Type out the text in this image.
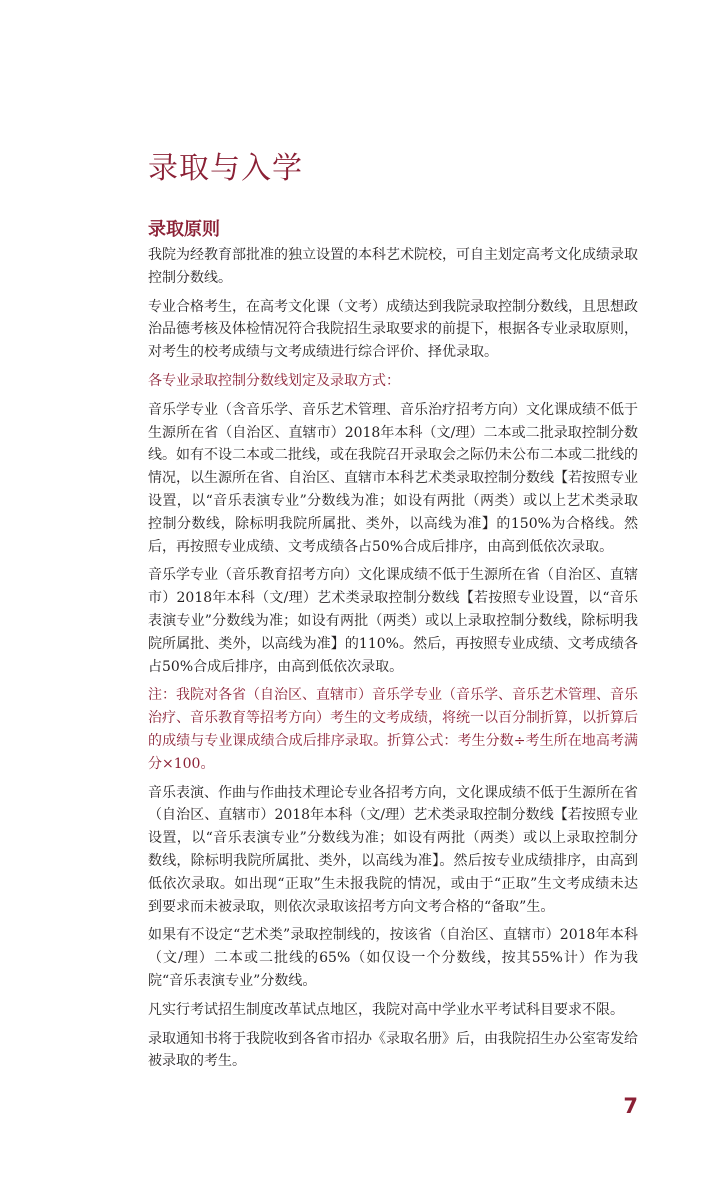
录取与入学
录取原则

我院为经教育部批准的独立设置的本科艺术院校，可自主划定高考文化成绩录取控制分数线。

专业合格考生，在高考文化课（文考）成绩达到我院录取控制分数线，且思想政治品德考核及体检情况符合我院招生录取要求的前提下，根据各专业录取原则，对考生的校考成绩与文考成绩进行综合评价、择优录取。

各专业录取控制分数线划定及录取方式：

音乐学专业（含音乐学、音乐艺术管理、音乐治疗招考方向）文化课成绩不低于生源所在省（自治区、直辖市）2018年本科（文/理）二本或二批录取控制分数线。如有不设二本或二批线，或在我院召开录取会之际仍未公布二本或二批线的情况，以生源所在省、自治区、直辖市本科艺术类录取控制分数线【若按照专业设置，以“音乐表演专业”分数线为准；如设有两批（两类）或以上艺术类录取控制分数线，除标明我院所属批、类外，以高线为准】的150%为合格线。然后，再按照专业成绩、文考成绩各占50%合成后排序，由高到低依次录取。

音乐学专业（音乐教育招考方向）文化课成绩不低于生源所在省（自治区、直辖市）2018年本科（文/理）艺术类录取控制分数线【若按照专业设置，以“音乐表演专业”分数线为准；如设有两批（两类）或以上录取控制分数线，除标明我院所属批、类外，以高线为准】的110%。然后，再按照专业成绩、文考成绩各占50%合成后排序，由高到低依次录取。

注：我院对各省（自治区、直辖市）音乐学专业（音乐学、音乐艺术管理、音乐治疗、音乐教育等招考方向）考生的文考成绩，将统一以百分制折算，以折算后的成绩与专业课成绩合成后排序录取。折算公式：考生分数÷考生所在地高考满分×100。

音乐表演、作曲与作曲技术理论专业各招考方向，文化课成绩不低于生源所在省（自治区、直辖市）2018年本科（文/理）艺术类录取控制分数线【若按照专业设置，以“音乐表演专业”分数线为准；如设有两批（两类）或以上录取控制分数线，除标明我院所属批、类外，以高线为准】。然后按专业成绩排序，由高到低依次录取。如出现“正取”生未报我院的情况，或由于“正取”生文考成绩未达到要求而未被录取，则依次录取该招考方向文考合格的“备取”生。

如果有不设定“艺术类”录取控制线的，按该省（自治区、直辖市）2018年本科（文/理）二本或二批线的65%（如仅设一个分数线，按其55%计）作为我院“音乐表演专业”分数线。

凡实行考试招生制度改革试点地区，我院对高中学业水平考试科目要求不限。

录取通知书将于我院收到各省市招办《录取名册》后，由我院招生办公室寄发给被录取的考生。

7
